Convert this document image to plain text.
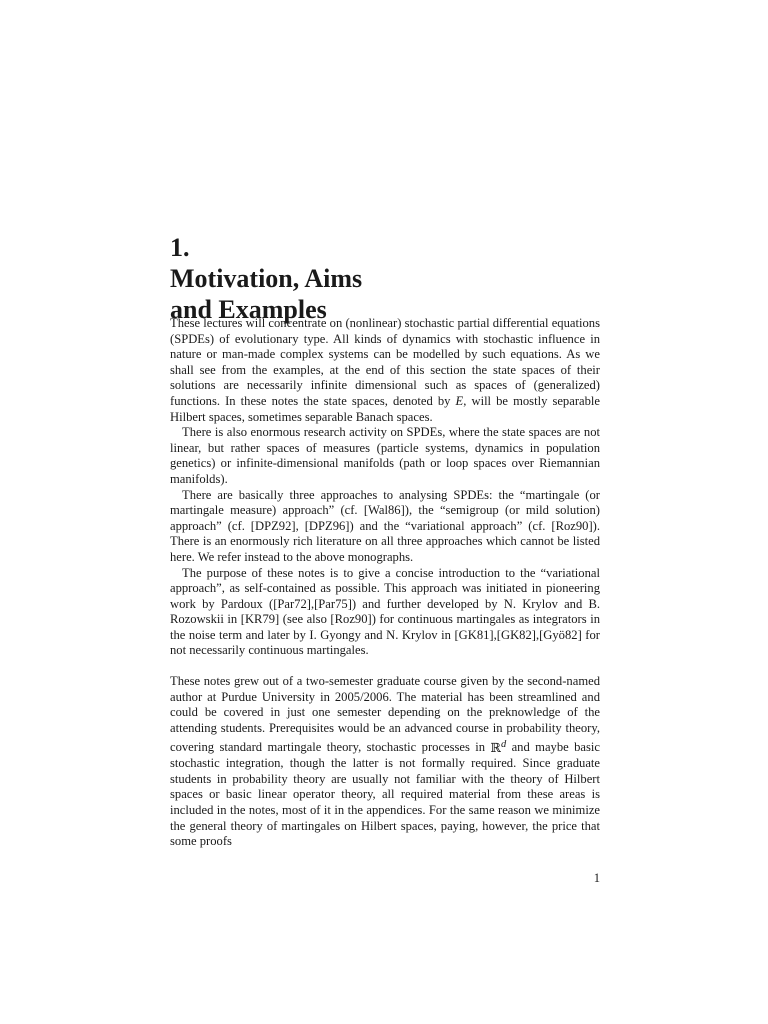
1.
Motivation, Aims
and Examples

These lectures will concentrate on (nonlinear) stochastic partial differential equations (SPDEs) of evolutionary type. All kinds of dynamics with stochastic influence in nature or man-made complex systems can be modelled by such equations. As we shall see from the examples, at the end of this section the state spaces of their solutions are necessarily infinite dimensional such as spaces of (generalized) functions. In these notes the state spaces, denoted by E, will be mostly separable Hilbert spaces, sometimes separable Banach spaces.

There is also enormous research activity on SPDEs, where the state spaces are not linear, but rather spaces of measures (particle systems, dynamics in population genetics) or infinite-dimensional manifolds (path or loop spaces over Riemannian manifolds).

There are basically three approaches to analysing SPDEs: the “martingale (or martingale measure) approach” (cf. [Wal86]), the “semigroup (or mild solution) approach” (cf. [DPZ92], [DPZ96]) and the “variational approach” (cf. [Roz90]). There is an enormously rich literature on all three approaches which cannot be listed here. We refer instead to the above monographs.

The purpose of these notes is to give a concise introduction to the “variational approach”, as self-contained as possible. This approach was initiated in pioneering work by Pardoux ([Par72],[Par75]) and further developed by N. Krylov and B. Rozowskii in [KR79] (see also [Roz90]) for continuous martingales as integrators in the noise term and later by I. Gyongy and N. Krylov in [GK81],[GK82],[Gyö82] for not necessarily continuous martingales.

These notes grew out of a two-semester graduate course given by the second-named author at Purdue University in 2005/2006. The material has been streamlined and could be covered in just one semester depending on the preknowledge of the attending students. Prerequisites would be an advanced course in probability theory, covering standard martingale theory, stochastic processes in ℝ$^d$ and maybe basic stochastic integration, though the latter is not formally required. Since graduate students in probability theory are usually not familiar with the theory of Hilbert spaces or basic linear operator theory, all required material from these areas is included in the notes, most of it in the appendices. For the same reason we minimize the general theory of martingales on Hilbert spaces, paying, however, the price that some proofs

1
